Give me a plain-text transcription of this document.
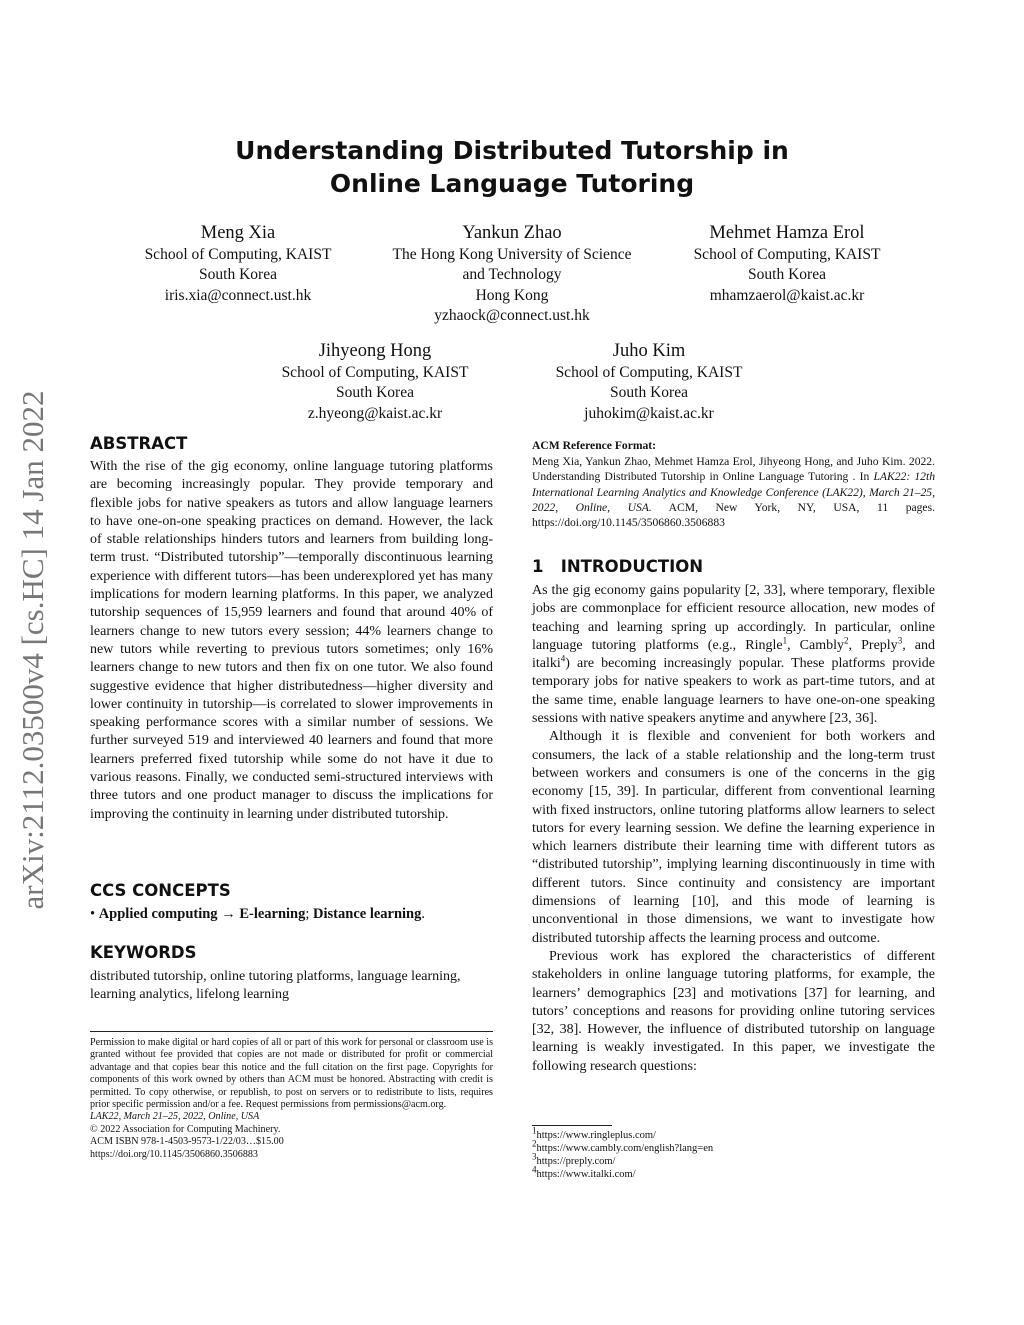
arXiv:2112.03500v4 [cs.HC] 14 Jan 2022
Understanding Distributed Tutorship in
Online Language Tutoring
Meng Xia
School of Computing, KAIST
South Korea
iris.xia@connect.ust.hk
Yankun Zhao
The Hong Kong University of Science
and Technology
Hong Kong
yzhaock@connect.ust.hk
Mehmet Hamza Erol
School of Computing, KAIST
South Korea
mhamzaerol@kaist.ac.kr
Jihyeong Hong
School of Computing, KAIST
South Korea
z.hyeong@kaist.ac.kr
Juho Kim
School of Computing, KAIST
South Korea
juhokim@kaist.ac.kr
ABSTRACT

With the rise of the gig economy, online language tutoring platforms are becoming increasingly popular. They provide temporary and flexible jobs for native speakers as tutors and allow language learners to have one-on-one speaking practices on demand. However, the lack of stable relationships hinders tutors and learners from building long-term trust. “Distributed tutorship”—temporally discontinuous learning experience with different tutors—has been underexplored yet has many implications for modern learning platforms. In this paper, we analyzed tutorship sequences of 15,959 learners and found that around 40% of learners change to new tutors every session; 44% learners change to new tutors while reverting to previous tutors sometimes; only 16% learners change to new tutors and then fix on one tutor. We also found suggestive evidence that higher distributedness—higher diversity and lower continuity in tutorship—is correlated to slower improvements in speaking performance scores with a similar number of sessions. We further surveyed 519 and interviewed 40 learners and found that more learners preferred fixed tutorship while some do not have it due to various reasons. Finally, we conducted semi-structured interviews with three tutors and one product manager to discuss the implications for improving the continuity in learning under distributed tutorship.

CCS CONCEPTS
• Applied computing → E-learning; Distance learning.
KEYWORDS

distributed tutorship, online tutoring platforms, language learning, learning analytics, lifelong learning

Permission to make digital or hard copies of all or part of this work for personal or classroom use is granted without fee provided that copies are not made or distributed for profit or commercial advantage and that copies bear this notice and the full citation on the first page. Copyrights for components of this work owned by others than ACM must be honored. Abstracting with credit is permitted. To copy otherwise, or republish, to post on servers or to redistribute to lists, requires prior specific permission and/or a fee. Request permissions from permissions@acm.org.

LAK22, March 21–25, 2022, Online, USA

© 2022 Association for Computing Machinery.

ACM ISBN 978-1-4503-9573-1/22/03…$15.00

https://doi.org/10.1145/3506860.3506883

ACM Reference Format:

Meng Xia, Yankun Zhao, Mehmet Hamza Erol, Jihyeong Hong, and Juho Kim. 2022. Understanding Distributed Tutorship in Online Language Tutoring . In LAK22: 12th International Learning Analytics and Knowledge Conference (LAK22), March 21–25, 2022, Online, USA. ACM, New York, NY, USA, 11 pages. https://doi.org/10.1145/3506860.3506883

1 INTRODUCTION

As the gig economy gains popularity [2, 33], where temporary, flexible jobs are commonplace for efficient resource allocation, new modes of teaching and learning spring up accordingly. In particular, online language tutoring platforms (e.g., Ringle$^1$, Cambly$^2$, Preply$^3$, and italki$^4$) are becoming increasingly popular. These platforms provide temporary jobs for native speakers to work as part-time tutors, and at the same time, enable language learners to have one-on-one speaking sessions with native speakers anytime and anywhere [23, 36].

Although it is flexible and convenient for both workers and consumers, the lack of a stable relationship and the long-term trust between workers and consumers is one of the concerns in the gig economy [15, 39]. In particular, different from conventional learning with fixed instructors, online tutoring platforms allow learners to select tutors for every learning session. We define the learning experience in which learners distribute their learning time with different tutors as “distributed tutorship”, implying learning discontinuously in time with different tutors. Since continuity and consistency are important dimensions of learning [10], and this mode of learning is unconventional in those dimensions, we want to investigate how distributed tutorship affects the learning process and outcome.

Previous work has explored the characteristics of different stakeholders in online language tutoring platforms, for example, the learners’ demographics [23] and motivations [37] for learning, and tutors’ conceptions and reasons for providing online tutoring services [32, 38]. However, the influence of distributed tutorship on language learning is weakly investigated. In this paper, we investigate the following research questions:

$^1$https://www.ringleplus.com/
$^2$https://www.cambly.com/english?lang=en
$^3$https://preply.com/
$^4$https://www.italki.com/
